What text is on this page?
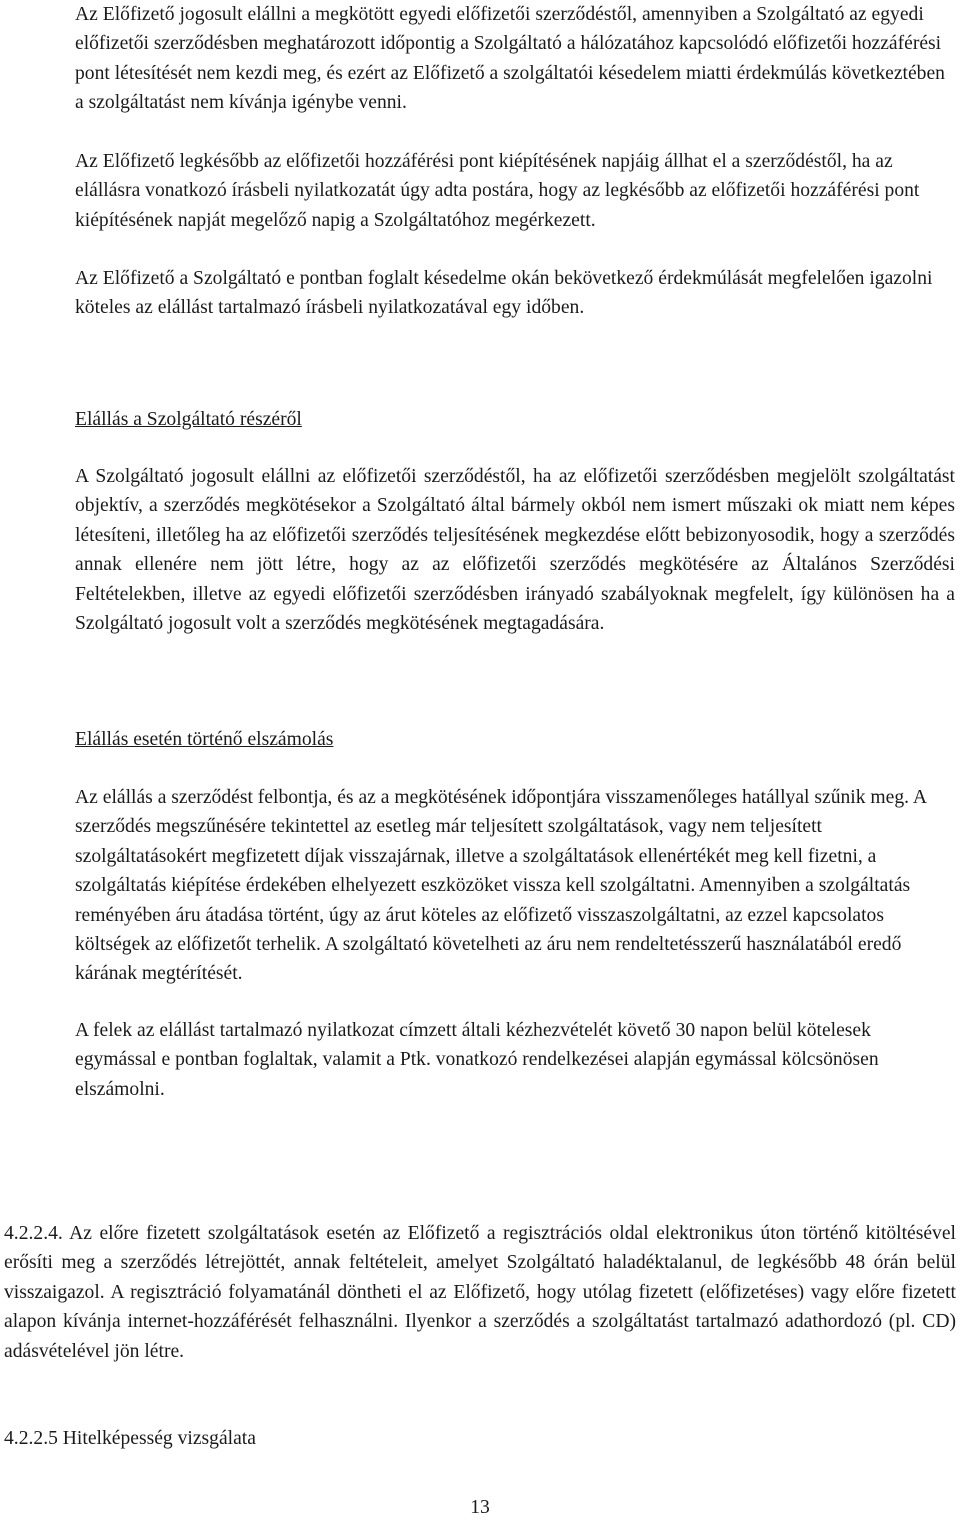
Az Előfizető jogosult elállni a megkötött egyedi előfizetői szerződéstől, amennyiben a Szolgáltató az egyedi előfizetői szerződésben meghatározott időpontig a Szolgáltató a hálózatához kapcsolódó előfizetői hozzáférési pont létesítését nem kezdi meg, és ezért az Előfizető a szolgáltatói késedelem miatti érdekmúlás következtében a szolgáltatást nem kívánja igénybe venni.

Az Előfizető legkésőbb az előfizetői hozzáférési pont kiépítésének napjáig állhat el a szerződéstől, ha az elállásra vonatkozó írásbeli nyilatkozatát úgy adta postára, hogy az legkésőbb az előfizetői hozzáférési pont kiépítésének napját megelőző napig a Szolgáltatóhoz megérkezett.

Az Előfizető a Szolgáltató e pontban foglalt késedelme okán bekövetkező érdekmúlását megfelelően igazolni köteles az elállást tartalmazó írásbeli nyilatkozatával egy időben.

Elállás a Szolgáltató részéről

A Szolgáltató jogosult elállni az előfizetői szerződéstől, ha az előfizetői szerződésben megjelölt szolgáltatást objektív, a szerződés megkötésekor a Szolgáltató által bármely okból nem ismert műszaki ok miatt nem képes létesíteni, illetőleg ha az előfizetői szerződés teljesítésének megkezdése előtt bebizonyosodik, hogy a szerződés annak ellenére nem jött létre, hogy az az előfizetői szerződés megkötésére az Általános Szerződési Feltételekben, illetve az egyedi előfizetői szerződésben irányadó szabályoknak megfelelt, így különösen ha a Szolgáltató jogosult volt a szerződés megkötésének megtagadására.

Elállás esetén történő elszámolás

Az elállás a szerződést felbontja, és az a megkötésének időpontjára visszamenőleges hatállyal szűnik meg. A szerződés megszűnésére tekintettel az esetleg már teljesített szolgáltatások, vagy nem teljesített szolgáltatásokért megfizetett díjak visszajárnak, illetve a szolgáltatások ellenértékét meg kell fizetni, a szolgáltatás kiépítése érdekében elhelyezett eszközöket vissza kell szolgáltatni. Amennyiben a szolgáltatás reményében áru átadása történt, úgy az árut köteles az előfizető visszaszolgáltatni, az ezzel kapcsolatos költségek az előfizetőt terhelik. A szolgáltató követelheti az áru nem rendeltetésszerű használatából eredő kárának megtérítését.

A felek az elállást tartalmazó nyilatkozat címzett általi kézhezvételét követő 30 napon belül kötelesek egymással e pontban foglaltak, valamit a Ptk. vonatkozó rendelkezései alapján egymással kölcsönösen elszámolni.

4.2.2.4. Az előre fizetett szolgáltatások esetén az Előfizető a regisztrációs oldal elektronikus úton történő kitöltésével erősíti meg a szerződés létrejöttét, annak feltételeit, amelyet Szolgáltató haladéktalanul, de legkésőbb 48 órán belül visszaigazol. A regisztráció folyamatánál döntheti el az Előfizető, hogy utólag fizetett (előfizetéses) vagy előre fizetett alapon kívánja internet-hozzáférését felhasználni. Ilyenkor a szerződés a szolgáltatást tartalmazó adathordozó (pl. CD) adásvételével jön létre.

4.2.2.5 Hitelképesség vizsgálata

13
